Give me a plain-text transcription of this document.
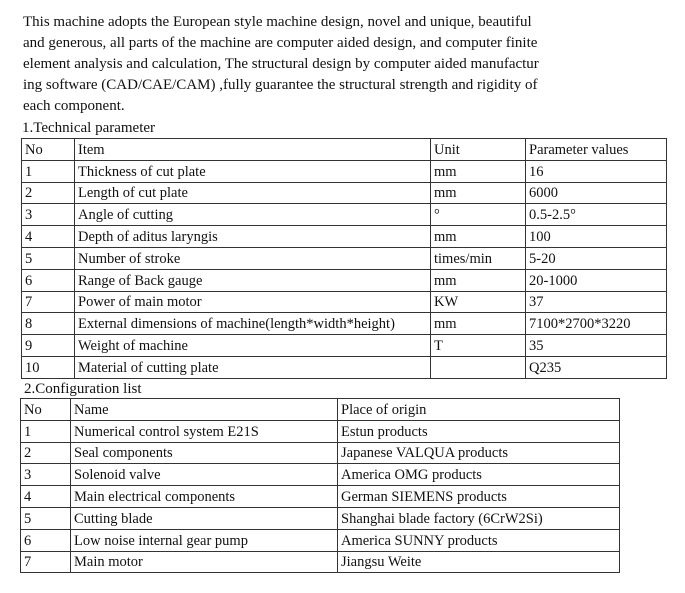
This machine adopts the European style machine design, novel and unique, beautiful
and generous, all parts of the machine are computer aided design, and computer finite
element analysis and calculation, The structural design by computer aided manufactur
ing software (CAD/CAE/CAM) ,fully guarantee the structural strength and rigidity of
each component.
1.Technical parameter
No	Item	Unit	Parameter values
1	Thickness of cut plate	mm	16
2	Length of cut plate	mm	6000
3	Angle of cutting	°	0.5-2.5°
4	Depth of aditus laryngis	mm	100
5	Number of stroke	times/min	5-20
6	Range of Back gauge	mm	20-1000
7	Power of main motor	KW	37
8	External dimensions of machine(length*width*height)	mm	7100*2700*3220
9	Weight of machine	T	35
10	Material of cutting plate		Q235
2.Configuration list
No	Name	Place of origin
1	Numerical control system E21S	Estun products
2	Seal components	Japanese VALQUA products
3	Solenoid valve	America OMG products
4	Main electrical components	German SIEMENS products
5	Cutting blade	Shanghai blade factory (6CrW2Si)
6	Low noise internal gear pump	America SUNNY products
7	Main motor	Jiangsu Weite
